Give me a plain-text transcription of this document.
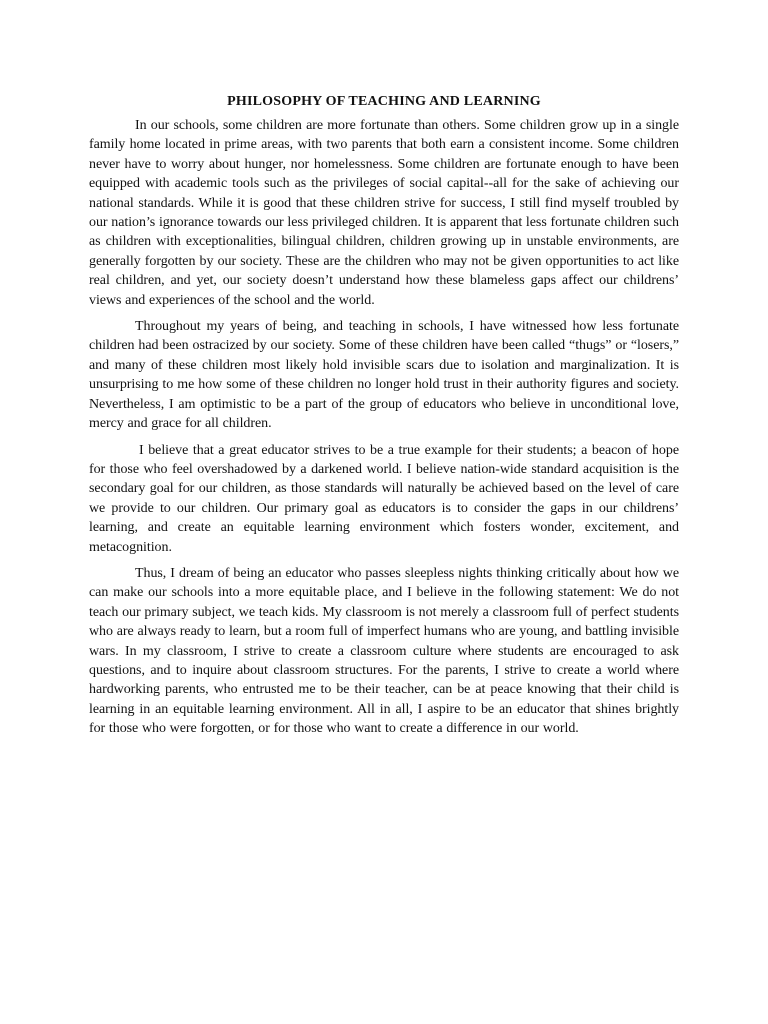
PHILOSOPHY OF TEACHING AND LEARNING

In our schools, some children are more fortunate than others. Some children grow up in a single family home located in prime areas, with two parents that both earn a consistent income. Some children never have to worry about hunger, nor homelessness. Some children are fortunate enough to have been equipped with academic tools such as the privileges of social capital--all for the sake of achieving our national standards. While it is good that these children strive for success, I still find myself troubled by our nation’s ignorance towards our less privileged children. It is apparent that less fortunate children such as children with exceptionalities, bilingual children, children growing up in unstable environments, are generally forgotten by our society. These are the children who may not be given opportunities to act like real children, and yet, our society doesn’t understand how these blameless gaps affect our childrens’ views and experiences of the school and the world.

Throughout my years of being, and teaching in schools, I have witnessed how less fortunate children had been ostracized by our society. Some of these children have been called “thugs” or “losers,” and many of these children most likely hold invisible scars due to isolation and marginalization. It is unsurprising to me how some of these children no longer hold trust in their authority figures and society. Nevertheless, I am optimistic to be a part of the group of educators who believe in unconditional love, mercy and grace for all children.

I believe that a great educator strives to be a true example for their students; a beacon of hope for those who feel overshadowed by a darkened world. I believe nation-wide standard acquisition is the secondary goal for our children, as those standards will naturally be achieved based on the level of care we provide to our children. Our primary goal as educators is to consider the gaps in our childrens’ learning, and create an equitable learning environment which fosters wonder, excitement, and metacognition.

Thus, I dream of being an educator who passes sleepless nights thinking critically about how we can make our schools into a more equitable place, and I believe in the following statement: We do not teach our primary subject, we teach kids. My classroom is not merely a classroom full of perfect students who are always ready to learn, but a room full of imperfect humans who are young, and battling invisible wars. In my classroom, I strive to create a classroom culture where students are encouraged to ask questions, and to inquire about classroom structures. For the parents, I strive to create a world where hardworking parents, who entrusted me to be their teacher, can be at peace knowing that their child is learning in an equitable learning environment. All in all, I aspire to be an educator that shines brightly for those who were forgotten, or for those who want to create a difference in our world.
